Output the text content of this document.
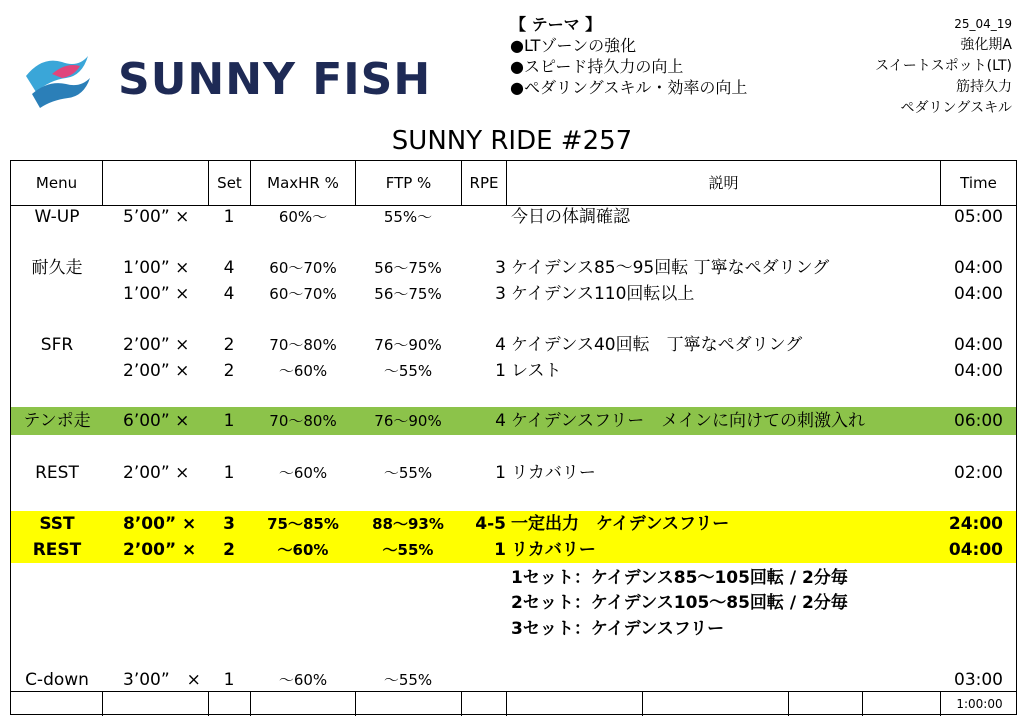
SUNNY FISH
【 テーマ 】
●LTゾーンの強化
●スピード持久力の向上
●ペダリングスキル・効率の向上
25_04_19
強化期A
スイートスポット(LT)
筋持久力
ペダリングスキル
SUNNY RIDE #257
Menu	Set	MaxHR %	FTP %	RPE	説明	Time
W-UP	5’00” × 1	60%～	55%～	今日の体調確認	05:00
耐久走	1’00” × 4	60～70%	56～75%	3 ケイデンス85～95回転 丁寧なペダリング	04:00
1’00” × 4	60～70%	56～75%	3 ケイデンス110回転以上	04:00
SFR	2’00” × 2	70～80%	76～90%	4 ケイデンス40回転　丁寧なペダリング	04:00
2’00” × 2	～60%	～55%	1 レスト	04:00
テンポ走	6’00” × 1	70～80%	76～90%	4 ケイデンスフリー　メインに向けての刺激入れ	06:00
REST	2’00” × 1	～60%	～55%	1 リカバリー	02:00
SST	8’00” × 3	75～85%	88～93%	4-5 一定出力　ケイデンスフリー	24:00
REST	2’00” × 2	～60%	～55%	1 リカバリー	04:00
1セット：ケイデンス85～105回転 / 2分毎
2セット：ケイデンス105～85回転 / 2分毎
3セット：ケイデンスフリー
C-down	3’00”　× 1	～60%	～55%	03:00
1:00:00
